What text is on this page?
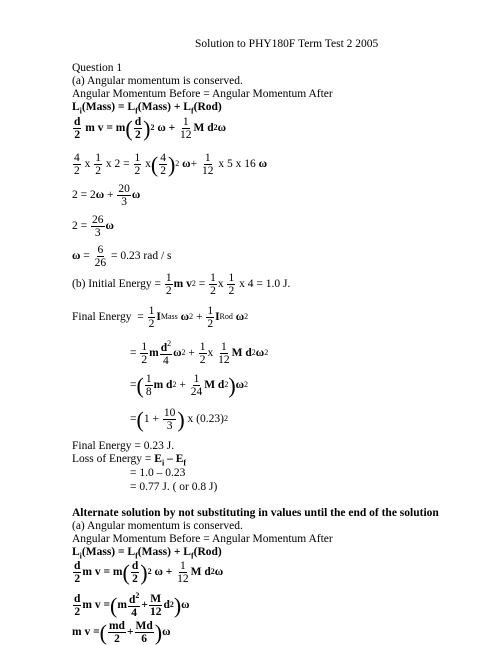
Solution to PHY180F Term Test 2 2005
Question 1
(a) Angular momentum is conserved.
Angular Momentum Before = Angular Momentum After
$L_i(Mass)$ = $L_f(Mass) + L_f(Rod)$
$\frac{d}{2}$ m v = m ( $\frac{d}{2}$ ) 2 $\omega + \frac{1}{12}$ M d 2 ω
$\frac{4}{2}$ x $\frac{1}{2}$ x $2 = \frac{1}{2}$ x ( $\frac{4}{2}$ ) 2
$\omega + \frac{1}{12}$
x 5 x 16
ω
2 = 2 $\omega + \frac{20}{3}$ ω
2 =
$\frac{26}{3}$ ω
$\omega = \frac{6}{26}$
= 0.23 rad / s
(b) Initial Energy =
$\frac{1}{2}$ m v $2 = \frac{1}{2}$ x $\frac{1}{2}$
x 4 = 1.0 J.
Final Energy = $\frac{1}{2}$ I Mass
ω $2 + \frac{1}{2}$ I Rod
ω 2
= $\frac{1}{2}$ m $\frac{d^2}{4}$ ω $2 + \frac{1}{2}$ x $\frac{1}{12}$ M d 2 ω 2
= ( $\frac{1}{8}$ m d $2 + \frac{1}{24}$ M d 2 ) ω 2
= ( $1 + \frac{10}{3}$ )
x (0.23) 2
Final Energy = 0.23 J.
Loss of Energy = $E_i - E_f$
= 1.0 – 0.23
= 0.77 J. ( or 0.8 J)
Alternate solution by not substituting in values until the end of the solution
(a) Angular momentum is conserved.
Angular Momentum Before = Angular Momentum After
$L_i(Mass)$ = $L_f(Mass) + L_f(Rod)$
$\frac{d}{2}$ m v = m ( $\frac{d}{2}$ ) 2 $\omega + \frac{1}{12}$ M d 2 ω
$\frac{d}{2}$ m v = ( m $\frac{d^2}{4} + \frac{M}{12}$ d 2 ) ω
m v = ( $\frac{md}{2} + \frac{Md}{6}$ ) ω
